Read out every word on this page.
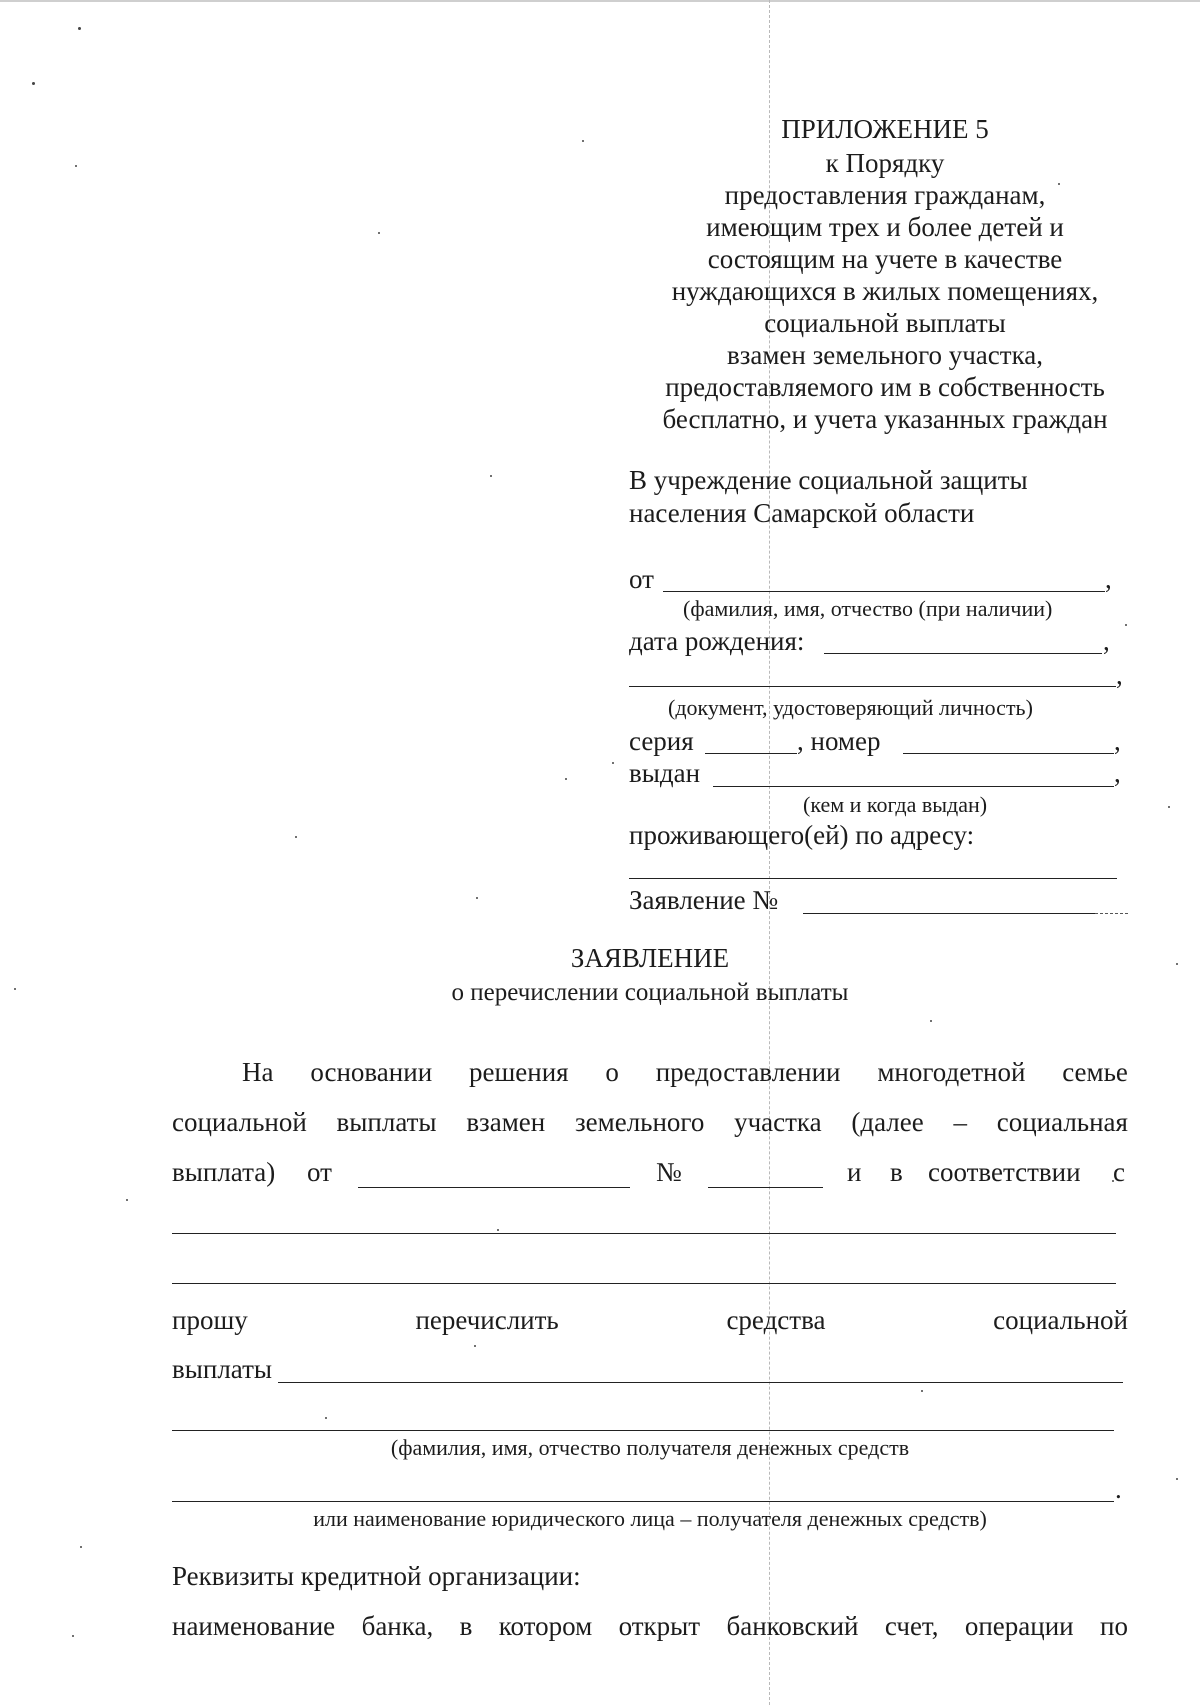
ПРИЛОЖЕНИЕ 5
к Порядку
предоставления гражданам,
имеющим трех и более детей и
состоящим на учете в качестве
нуждающихся в жилых помещениях,
социальной выплаты
взамен земельного участка,
предоставляемого им в собственность
бесплатно, и учета указанных граждан
В учреждение социальной защиты
населения Самарской области
от	,
(фамилия, имя, отчество (при наличии)
дата рождения:	,
,
(документ, удостоверяющий личность)
серия	, номер	,
выдан	,
(кем и когда выдан)
проживающего(ей) по адресу:
Заявление №
ЗАЯВЛЕНИЕ
о перечислении социальной выплаты
На основании решения о предоставлении многодетной семье
социальной выплаты взамен земельного участка (далее – социальная
выплата) от	№	и в соответствии с
прошу	перечислить	средства	социальной
выплаты
(фамилия, имя, отчество получателя денежных средств
.
или наименование юридического лица – получателя денежных средств)
Реквизиты кредитной организации:
наименование банка, в котором открыт банковский счет, операции по
